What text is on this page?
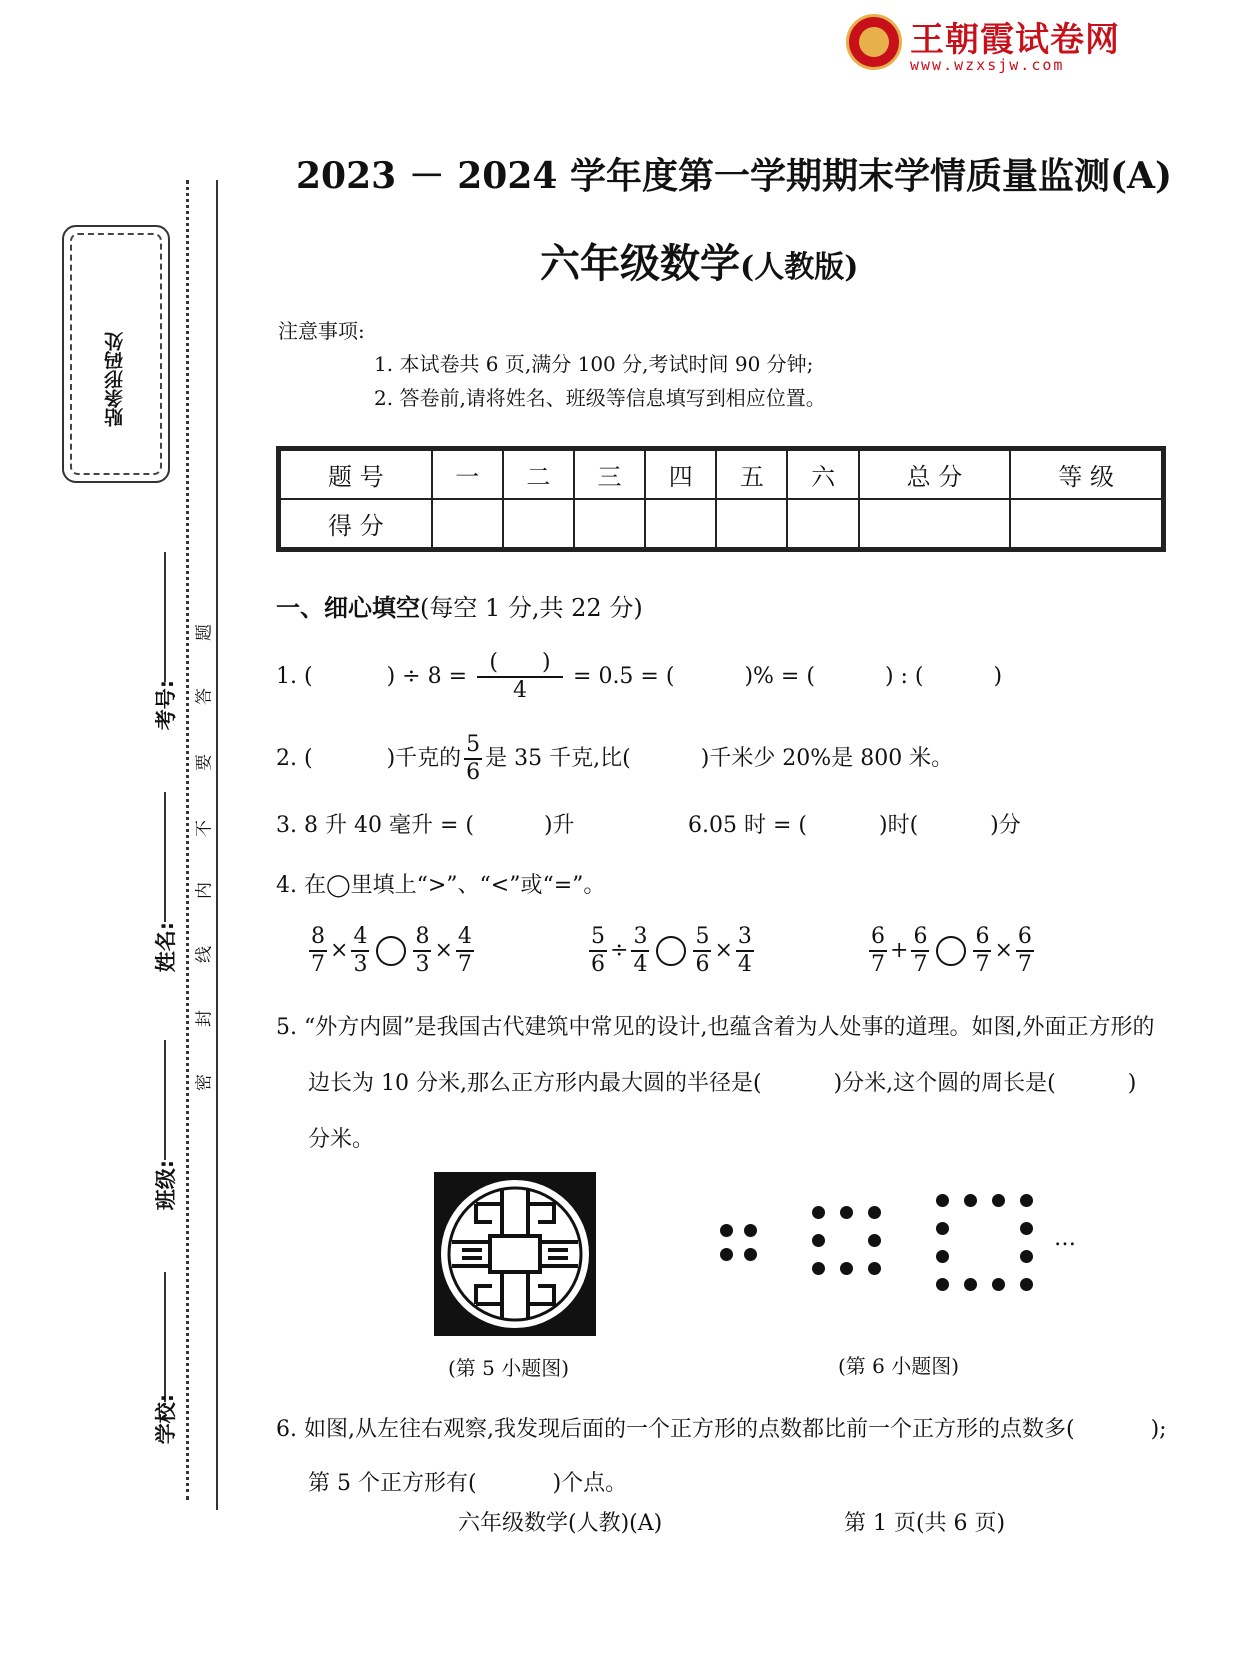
王朝霞试卷网
www.wzxsjw.com
贴条形码处
题
答
要
不
内
线
封
密
考号:
姓名:
班级:
学校:
2023 － 2024 学年度第一学期期末学情质量监测(A)
六年级数学(人教版)
注意事项:
1. 本试卷共 6 页,满分 100 分,考试时间 90 分钟;
2. 答卷前,请将姓名、班级等信息填写到相应位置。
题 号	一	二	三	四	五	六	总 分	等 级
得 分								
一、细心填空(每空 1 分,共 22 分)
1. (	) ÷ $8 = \frac{( )}{4} = 0.5$ = (	)% = (	) : (	)
2. (	)千克的 $\frac{5}{6}$ 是 35 千克,比(	)千米少 20%是 800 米。
3. 8 升 40 毫升 = (	)升	6.05 时 = (	)时(	)分
4. 在◯里填上“>”、“<”或“=”。
$\frac{8}{7} \times \frac{4}{3} \frac{8}{3} \times \frac{4}{7}$	$\frac{5}{6} \div \frac{3}{4} \frac{5}{6} \times \frac{3}{4}$	$\frac{6}{7} + \frac{6}{7} \frac{6}{7} \times \frac{6}{7}$
5. “外方内圆”是我国古代建筑中常见的设计,也蕴含着为人处事的道理。如图,外面正方形的
边长为 10 分米,那么正方形内最大圆的半径是(	)分米,这个圆的周长是(	)
分米。
(第 5 小题图)
…
(第 6 小题图)
6. 如图,从左往右观察,我发现后面的一个正方形的点数都比前一个正方形的点数多(	);
第 5 个正方形有(	)个点。
六年级数学(人教)(A)	第 1 页(共 6 页)
